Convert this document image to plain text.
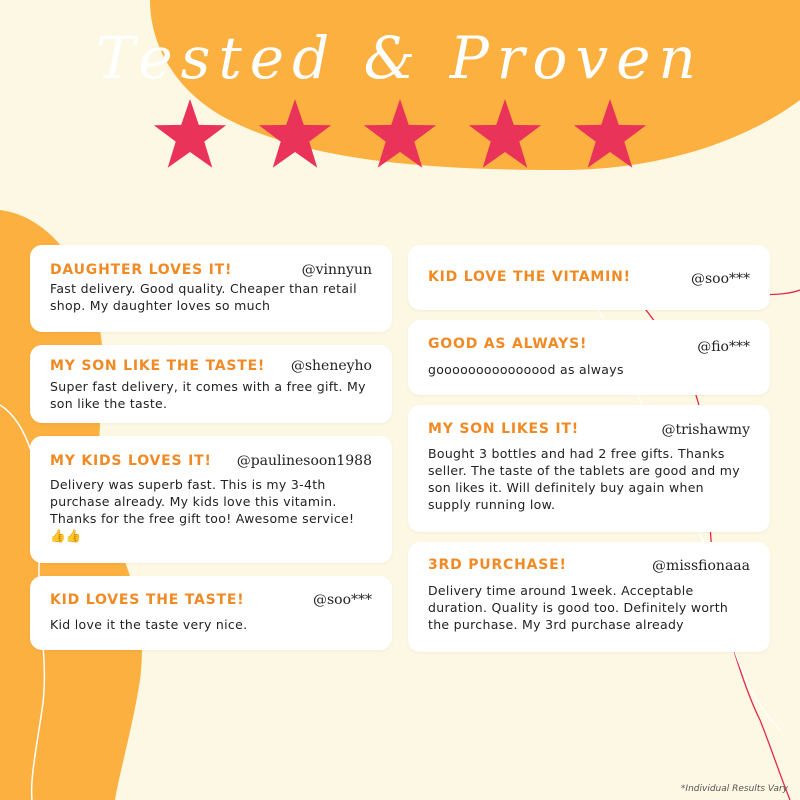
Tested & Proven
DAUGHTER LOVES IT!	@vinnyun
Fast delivery. Good quality. Cheaper than retail shop. My daughter loves so much
MY SON LIKE THE TASTE! @sheneyho
Super fast delivery, it comes with a free gift. My son like the taste.
MY KIDS LOVES IT! @paulinesoon1988
Delivery was superb fast. This is my 3-4th purchase already. My kids love this vitamin. Thanks for the free gift too! Awesome service! 👍👍
KID LOVES THE TASTE!	@soo***
Kid love it the taste very nice.
KID LOVE THE VITAMIN!	@soo***
GOOD AS ALWAYS!	@fio***
gooooooooooooood as always
MY SON LIKES IT!	@trishawmy
Bought 3 bottles and had 2 free gifts. Thanks seller. The taste of the tablets are good and my son likes it. Will definitely buy again when supply running low.
3RD PURCHASE!	@missfionaaa
Delivery time around 1week. Acceptable duration. Quality is good too. Definitely worth the purchase. My 3rd purchase already
*Individual Results Vary
